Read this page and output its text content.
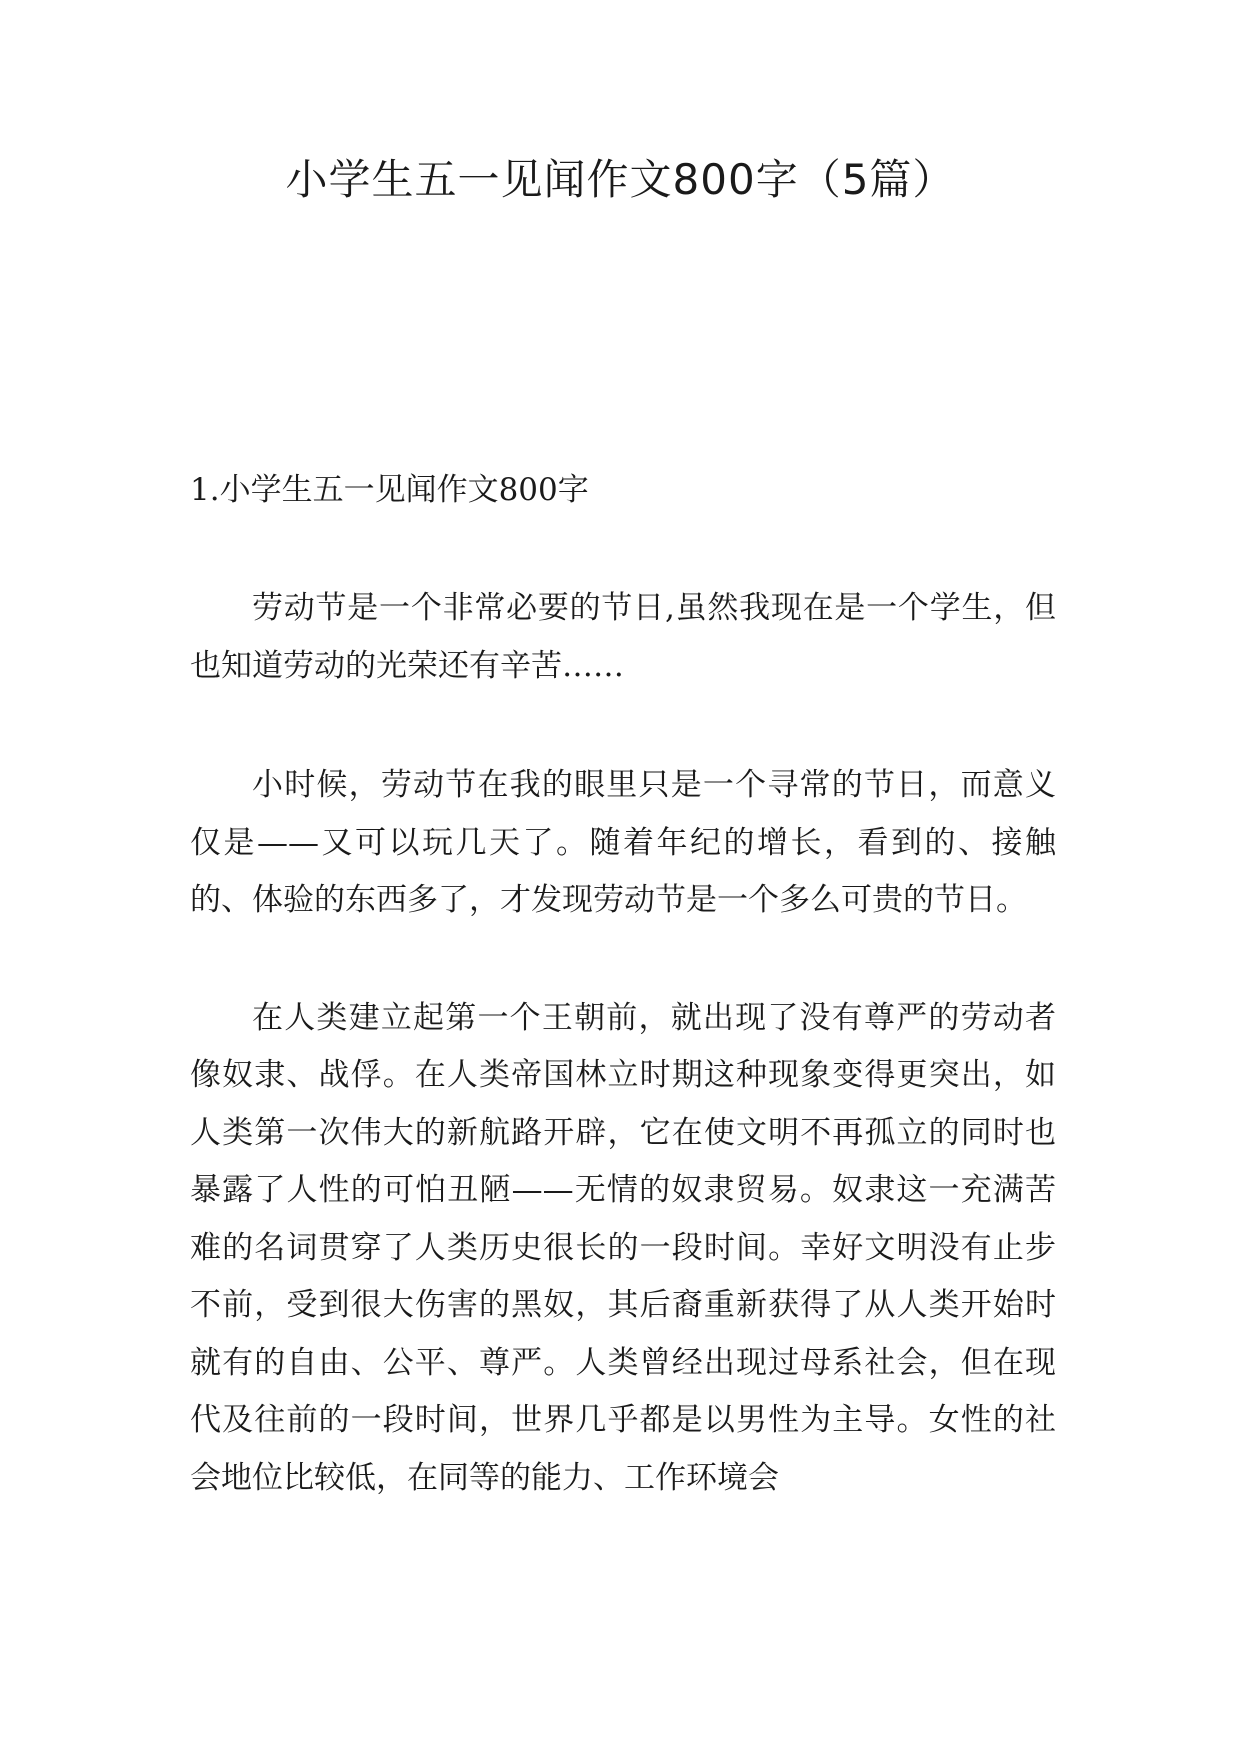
小学生五一见闻作文800字（5篇）
1.小学生五一见闻作文800字

劳动节是一个非常必要的节日,虽然我现在是一个学生，但也知道劳动的光荣还有辛苦……

小时候，劳动节在我的眼里只是一个寻常的节日，而意义仅是——又可以玩几天了。随着年纪的增长，看到的、接触的、体验的东西多了，才发现劳动节是一个多么可贵的节日。

在人类建立起第一个王朝前，就出现了没有尊严的劳动者像奴隶、战俘。在人类帝国林立时期这种现象变得更突出，如人类第一次伟大的新航路开辟，它在使文明不再孤立的同时也暴露了人性的可怕丑陋——无情的奴隶贸易。奴隶这一充满苦难的名词贯穿了人类历史很长的一段时间。幸好文明没有止步不前，受到很大伤害的黑奴，其后裔重新获得了从人类开始时就有的自由、公平、尊严。人类曾经出现过母系社会，但在现代及往前的一段时间，世界几乎都是以男性为主导。女性的社会地位比较低，在同等的能力、工作环境会
